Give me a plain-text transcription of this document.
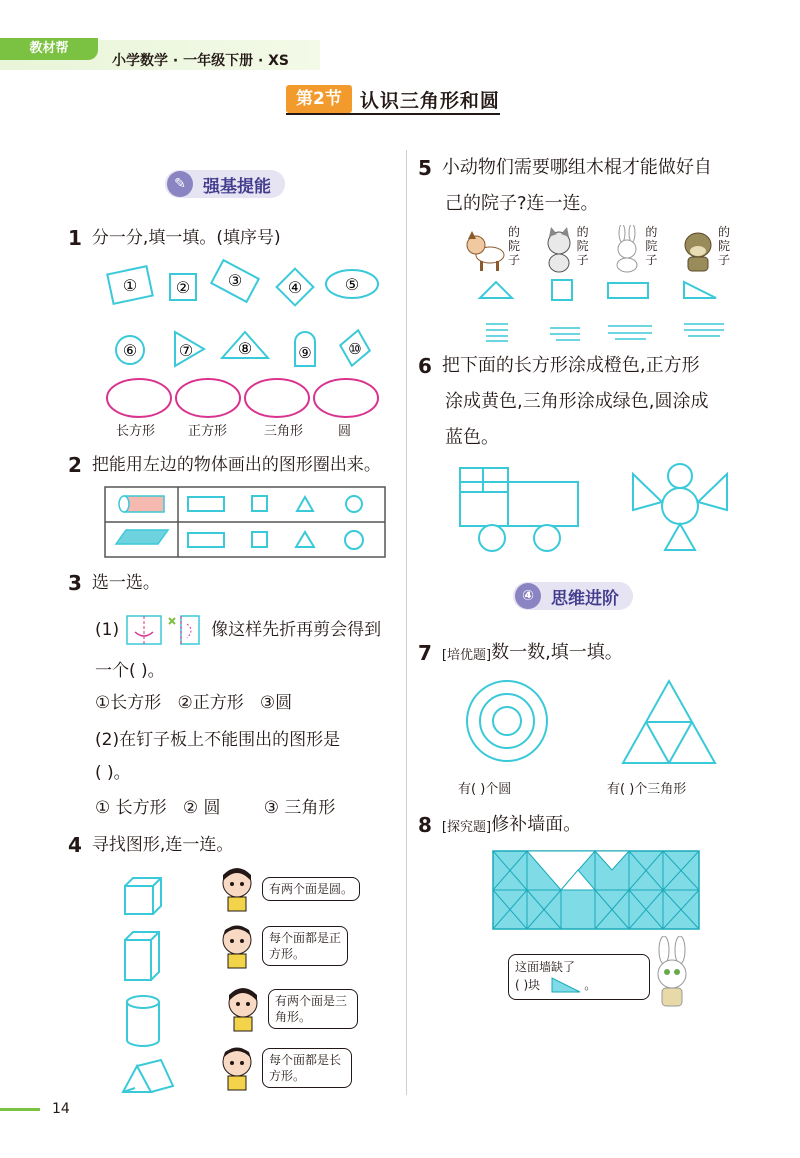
教材帮
小学数学 · 一年级下册 · XS
第2节 认识三角形和圆
✎	强基提能
1 分一分,填一填。(填序号)
① ② ③	④	⑤
⑥	⑦	⑧	⑨ ⑩
长方形	正方形	三角形	圆
2 把能用左边的物体画出的图形圈出来。
3 选一选。
(1)	像这样先折再剪会得到
一个( )。
①长方形   ②正方形   ③圆
(2)在钉子板上不能围出的图形是
( )。
① 长方形   ② 圆        ③ 三角形
4 寻找图形,连一连。
有两个面是圆。
每个面都是正方形。
有两个面是三角形。
每个面都是长方形。
5 小动物们需要哪组木棍才能做好自
己的院子?连一连。
的院子
的院子
的院子
的院子
6 把下面的长方形涂成橙色,正方形
涂成黄色,三角形涂成绿色,圆涂成
蓝色。
④	思维进阶
7 [培优题] 数一数,填一填。
有( )个圆	有( )个三角形
8 [探究题] 修补墙面。
这面墙缺了
( )块	。
14
